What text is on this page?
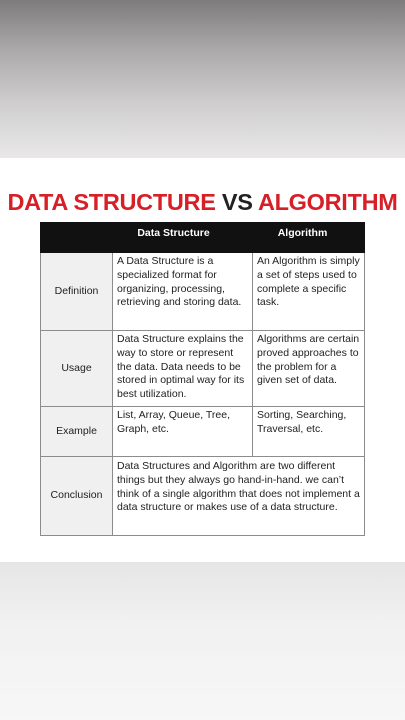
DATA STRUCTURE VS ALGORITHM

	Data Structure	Algorithm

Definition	A Data Structure is a specialized format for organizing, processing, retrieving and storing data.	An Algorithm is simply a set of steps used to complete a specific task.
Usage	Data Structure explains the way to store or represent the data. Data needs to be stored in optimal way for its best utilization.	Algorithms are certain proved approaches to the problem for a given set of data.
Example	List, Array, Queue, Tree, Graph, etc.	Sorting, Searching, Traversal, etc.
Conclusion	Data Structures and Algorithm are two different things but they always go hand-in-hand. we can’t think of a single algorithm that does not implement a data structure or makes use of a data structure.	
